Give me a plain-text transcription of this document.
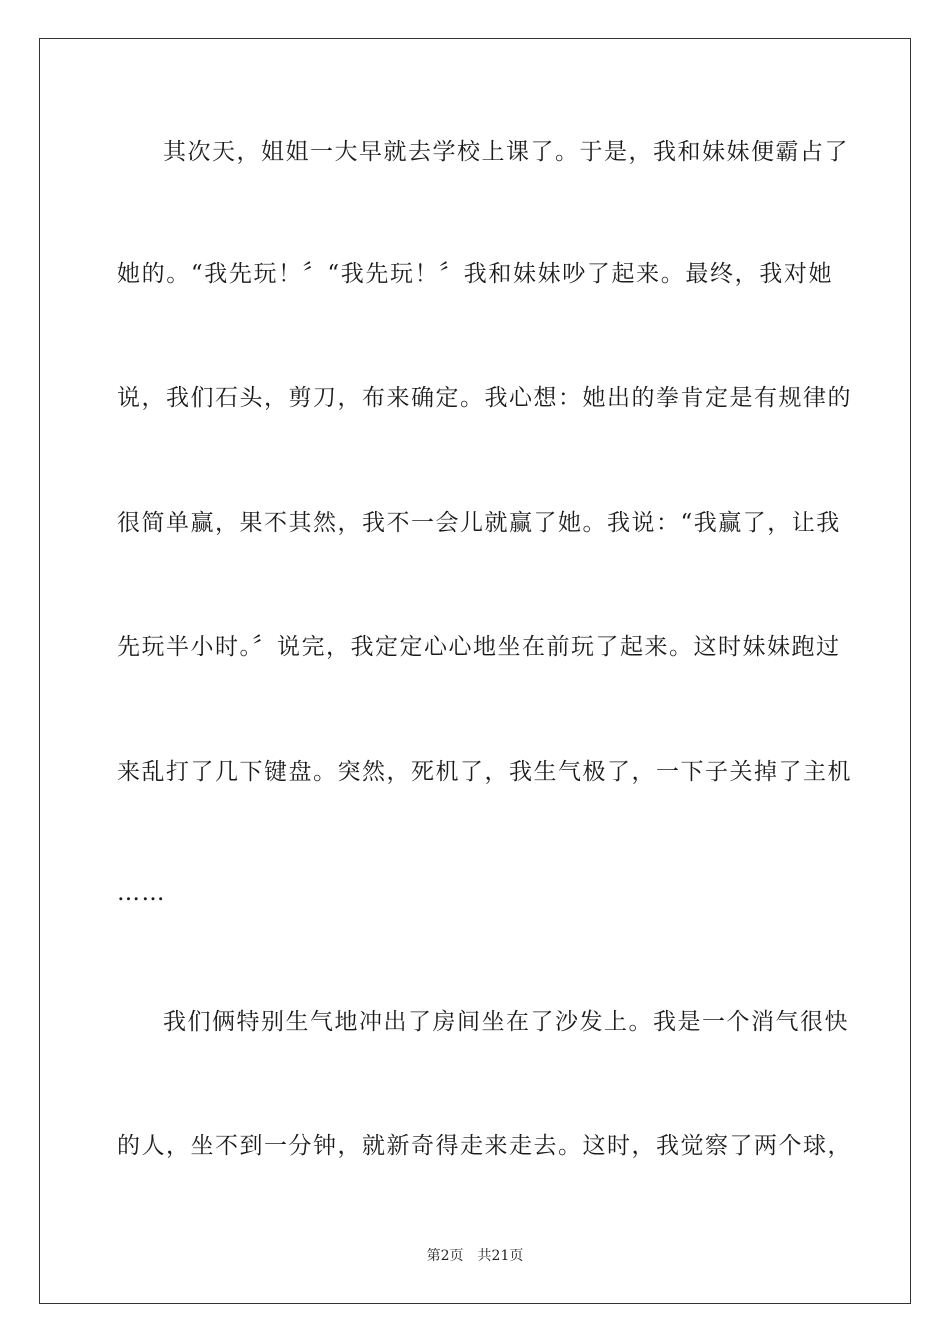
其次天，姐姐一大早就去学校上课了。于是，我和妹妹便霸占了
她的。“我先玩！〞“我先玩！〞我和妹妹吵了起来。最终，我对她
说，我们石头，剪刀，布来确定。我心想：她出的拳肯定是有规律的
很简单赢，果不其然，我不一会儿就赢了她。我说：“我赢了，让我
先玩半小时。〞说完，我定定心心地坐在前玩了起来。这时妹妹跑过
来乱打了几下键盘。突然，死机了，我生气极了，一下子关掉了主机
……
我们俩特别生气地冲出了房间坐在了沙发上。我是一个消气很快
的人，坐不到一分钟，就新奇得走来走去。这时，我觉察了两个球，
第2页 共21页
